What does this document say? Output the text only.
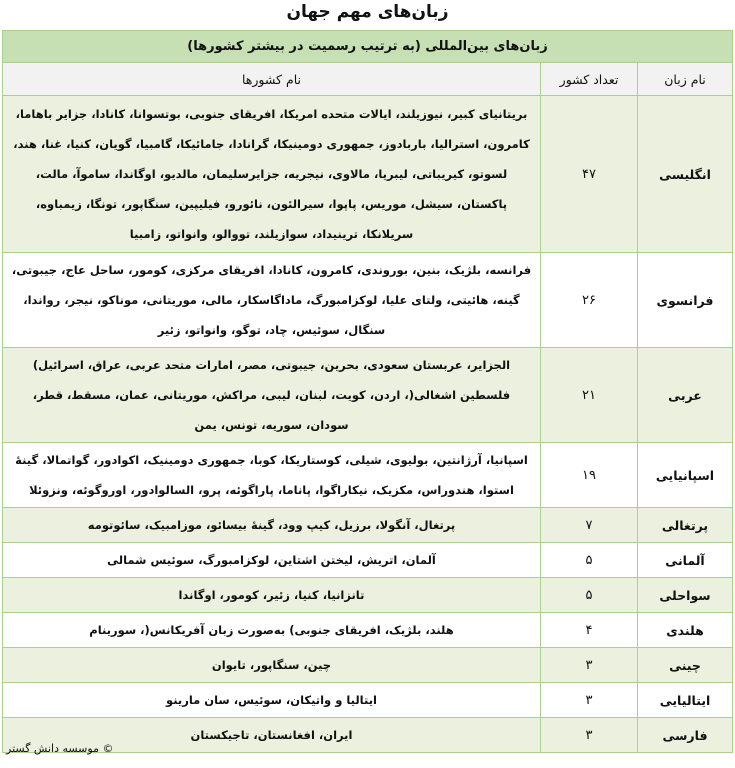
زبان‌های مهم جهان
زبان‌های بین‌المللی (به ترتیب رسمیت در بیشتر کشورها)		
نام زبان	تعداد کشور	نام کشورها
انگلیسی	۴۷	بریتانیای کبیر، نیوزیلند، ایالات متحده امریکا، افریقای جنوبی، بوتسوانا، کانادا، جزایر باهاما، کامرون، استرالیا، باربادوز، جمهوری دومینیکا، گرانادا، جامائیکا، گامبیا، گویان، کنیا، غنا، هند، لسوتو، کیریباتی، لیبریا، مالاوی، نیجریه، جزایرسلیمان، مالدیو، اوگاندا، ساموآ، مالت، پاکستان، سیشل، موریس، پاپوا، سیرالئون، نائورو، فیلیپین، سنگاپور، تونگا، زیمباوه، سریلانکا، ترینیداد، سوازیلند، تووالو، وانواتو، زامبیا
فرانسوی	۲۶	فرانسه، بلژیک، بنین، بوروندی، کامرون، کانادا، افریقای مرکزی، کومور، ساحل عاج، جیبوتی، گینه، هائیتی، ولتای علیا، لوکزامبورگ، ماداگاسکار، مالی، موریتانی، موناکو، نیجر، رواندا، سنگال، سوئیس، چاد، توگو، وانواتو، زئیر
عربی	۲۱	الجزایر، عربستان سعودی، بحرین، جیبوتی، مصر، امارات متحد عربی، عراق، اسرائیل) فلسطین اشغالی(، اردن، کویت، لبنان، لیبی، مراکش، موریتانی، عمان، مسقط، قطر، سودان، سوریه، تونس، یمن
اسپانیایی	۱۹	اسپانیا، آرژانتین، بولیوی، شیلی، کوستاریکا، کوبا، جمهوری دومینیک، اکوادور، گواتمالا، گینهٔ استوا، هندوراس، مکزیک، نیکاراگوا، پاناما، پاراگوئه، پرو، السالوادور، اوروگوئه، ونزوئلا
پرتغالی	۷	پرتغال، آنگولا، برزیل، کیپ وود، گینهٔ بیسائو، موزامبیک، سائوتومه
آلمانی	۵	آلمان، اتریش، لیختن اشتاین، لوکزامبورگ، سوئیس شمالی
سواحلی	۵	تانزانیا، کنیا، زئیر، کومور، اوگاندا
هلندی	۴	هلند، بلژیک، افریقای جنوبی) به‌صورت زبان آفریکانس(، سورینام
چینی	۳	چین، سنگاپور، تایوان
ایتالیایی	۳	ایتالیا و واتیکان، سوئیس، سان مارینو
فارسی	۳	ایران، افغانستان، تاجیکستان
© موسسه دانش گستر
